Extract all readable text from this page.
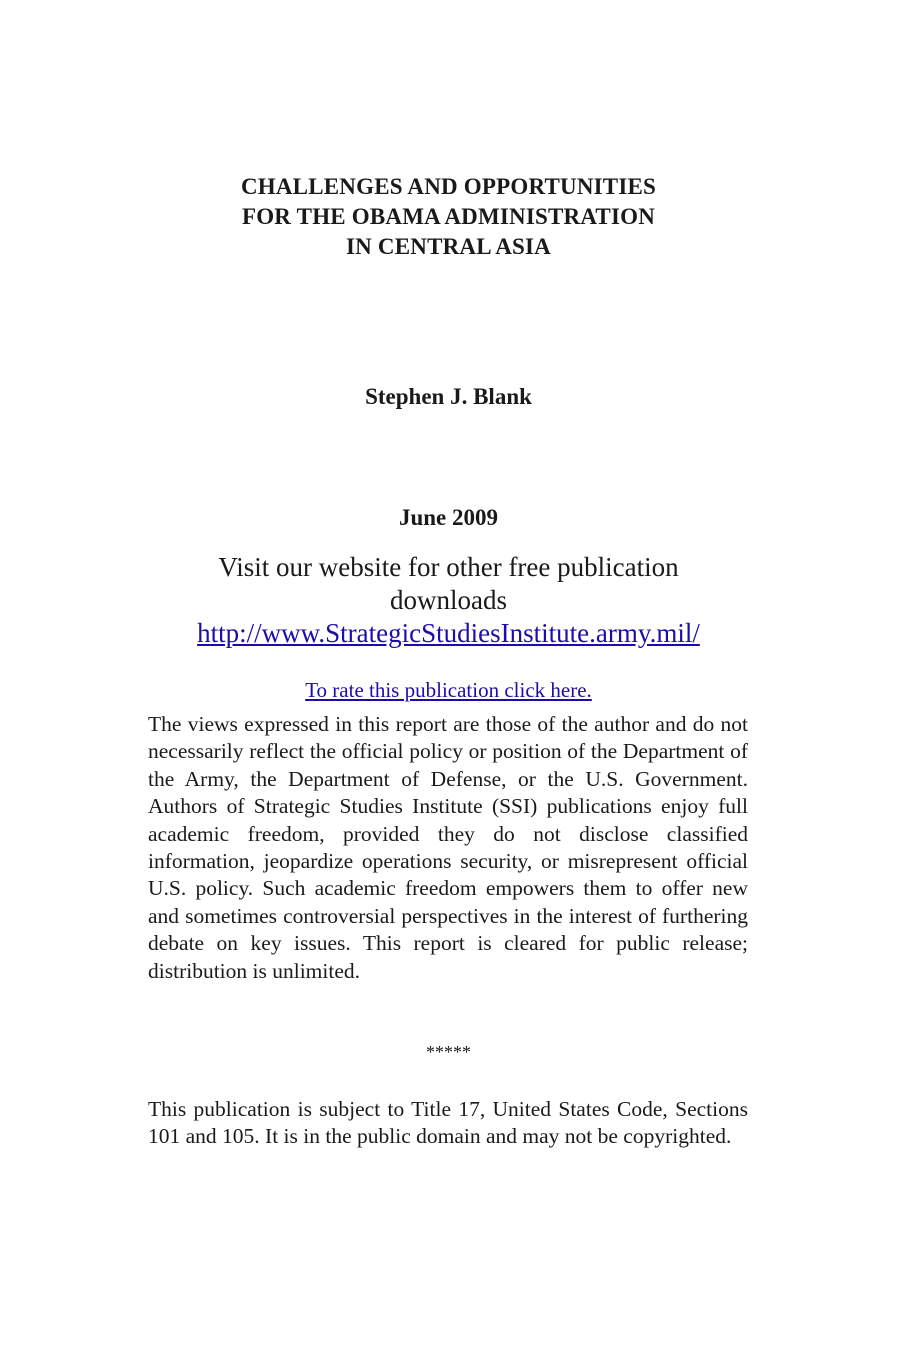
CHALLENGES AND OPPORTUNITIES
FOR THE OBAMA ADMINISTRATION
IN CENTRAL ASIA
Stephen J. Blank
June 2009
Visit our website for other free publication
downloads
http://www.StrategicStudiesInstitute.army.mil/
To rate this publication click here.

The views expressed in this report are those of the author and do not necessarily reflect the official policy or position of the Department of the Army, the Department of Defense, or the U.S. Government. Authors of Strategic Studies Institute (SSI) publications enjoy full academic freedom, provided they do not disclose classified information, jeopardize operations security, or misrepresent official U.S. policy. Such academic freedom empowers them to offer new and sometimes controversial perspectives in the interest of furthering debate on key issues. This report is cleared for public release; distribution is unlimited.

*****

This publication is subject to Title 17, United States Code, Sections 101 and 105. It is in the public domain and may not be copyrighted.
